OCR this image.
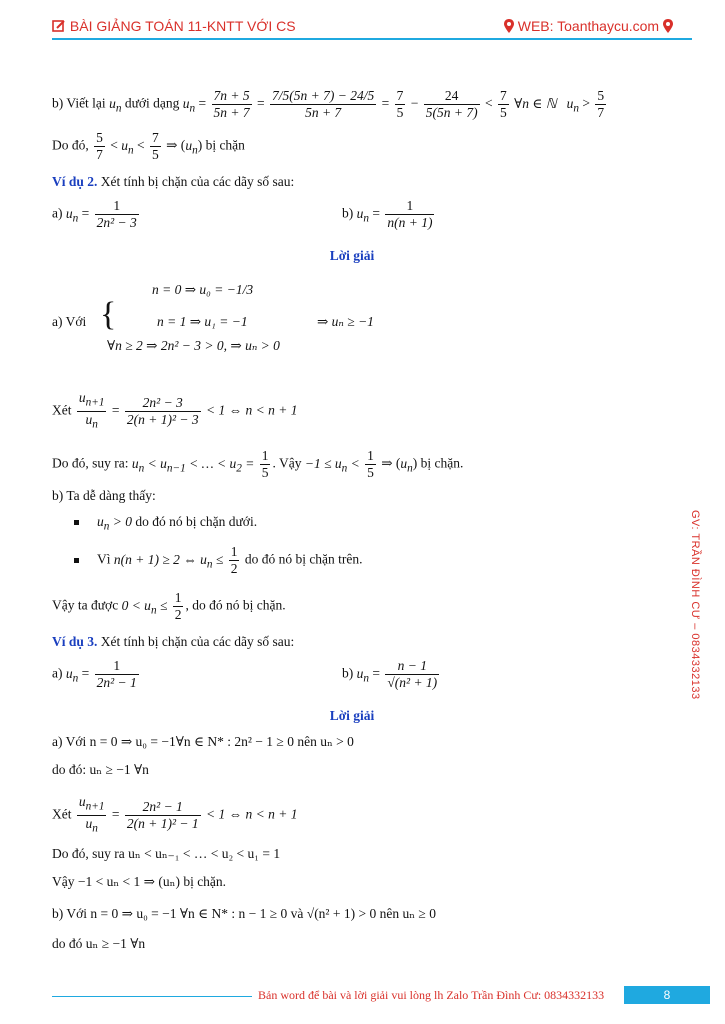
BÀI GIẢNG TOÁN 11-KNTT VỚI CS	WEB: Toanthaycu.com
GV: TRẦN ĐÌNH CƯ – 0834332133
b) Viết lại $u_n$ dưới dạng $u_n = \frac{7n + 5}{5n + 7} = \frac{7/5(5n + 7) - 24/5}{5n + 7} = \frac{7}{5} - \frac{24}{5(5n + 7)} < \frac{7}{5}$ ∀n ∈ ℕ   $u_n > \frac{5}{7}$
Do đó, $\frac{5}{7} < u_n < \frac{7}{5}$ ⇒ $(u_n)$ bị chặn
Ví dụ 2. Xét tính bị chặn của các dãy số sau:
a) $u_n = \frac{1}{\text{2n² − 3}}$	b) $u_n = \frac{1}{n(n + 1)}$
Lời giải
a) Với {
n = 0 ⇒ u₀ = −1/3
n = 1 ⇒ u₁ = −1
∀n ≥ 2 ⇒ 2n² − 3 > 0, ⇒ uₙ > 0
⇒ uₙ ≥ −1
Xét $\frac{u_{n+1}}{u_n} = \frac{\text{2n² − 3}}{\text{2(n + 1)² − 3}} < 1$ ⇔ n < n + 1
Do đó, suy ra: $u_n < u_{n-1}$ < … < $u_2 = \frac{1}{5}$ . Vậy $-1 \le u_n < \frac{1}{5}$ ⇒ $(u_n)$ bị chặn.
b) Ta dễ dàng thấy:
$u_n > 0$ do đó nó bị chặn dưới.
Vì n(n + 1) ≥ 2 ⇔ $u_n \le \frac{1}{2}$ do đó nó bị chặn trên.
Vậy ta được $0 < u_n \le \frac{1}{2}$ , do đó nó bị chặn.
Ví dụ 3. Xét tính bị chặn của các dãy số sau:
a) $u_n = \frac{1}{\text{2n² − 1}}$	b) $u_n = \frac{n - 1}{\text{√(n² + 1)}}$
Lời giải
a) Với n = 0 ⇒ u₀ = −1∀n ∈ N* : 2n² − 1 ≥ 0 nên uₙ > 0
do đó: uₙ ≥ −1 ∀n
Xét $\frac{u_{n+1}}{u_n} = \frac{\text{2n² − 1}}{\text{2(n + 1)² − 1}} < 1$ ⇔ n < n + 1
Do đó, suy ra uₙ < uₙ₋₁ < … < u₂ < u₁ = 1
Vậy −1 < uₙ < 1 ⇒ (uₙ) bị chặn.
b) Với n = 0 ⇒ u₀ = −1 ∀n ∈ N* : n − 1 ≥ 0 và √(n² + 1) > 0 nên uₙ ≥ 0
do đó uₙ ≥ −1 ∀n
Bản word để bài và lời giải vui lòng lh Zalo Trần Đình Cư: 0834332133	8
